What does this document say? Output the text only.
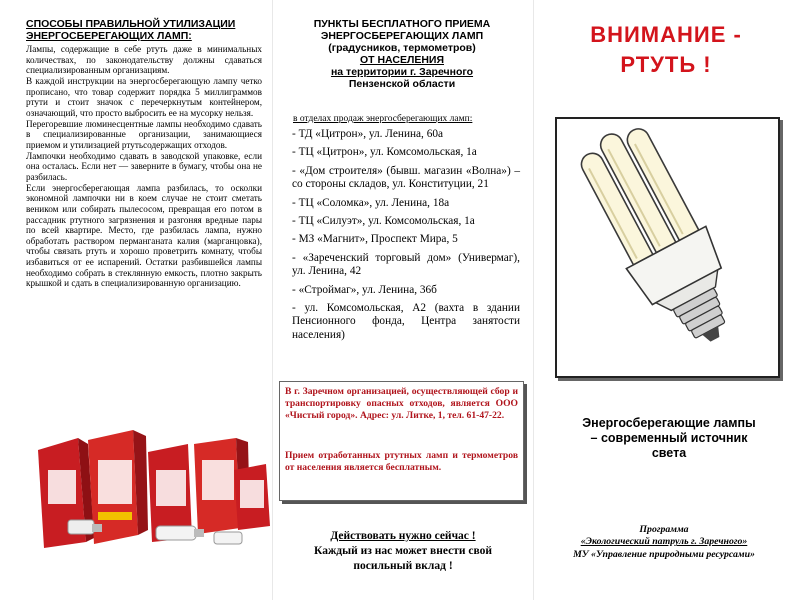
СПОСОБЫ ПРАВИЛЬНОЙ УТИЛИЗАЦИИ
ЭНЕРГОСБЕРЕГАЮЩИХ ЛАМП:

Лампы, содержащие в себе ртуть даже в минимальных количествах, по законодательству должны сдаваться специализированным организациям.

В каждой инструкции на энергосберегающую лампу четко прописано, что товар содержит порядка 5 миллиграммов ртути и стоит значок с перечеркнутым контейнером, означающий, что просто выбросить ее на мусорку нельзя.

Перегоревшие люминесцентные лампы необходимо сдавать в специализированные организации, занимающиеся приемом и утилизацией ртутьсодержащих отходов.

Лампочки необходимо сдавать в заводской упаковке, если она осталась. Если нет — заверните в бумагу, чтобы она не разбилась.

Если энергосберегающая лампа разбилась, то осколки экономной лампочки ни в коем случае не стоит сметать веником или собирать пылесосом, превращая его потом в рассадник ртутного загрязнения и разгоняя вредные пары по всей квартире. Место, где разбилась лампа, нужно обработать раствором перманганата калия (марганцовка), чтобы связать ртуть и хорошо проветрить комнату, чтобы избавиться от ее испарений. Остатки разбившейся лампы необходимо собрать в стеклянную емкость, плотно закрыть крышкой и сдать в специализированную организацию.

ПУНКТЫ БЕСПЛАТНОГО ПРИЕМА
ЭНЕРГОСБЕРЕГАЮЩИХ ЛАМП
(градусников, термометров)
ОТ НАСЕЛЕНИЯ
на территории г. Заречного
Пензенской области
в отделах продаж энергосберегающих ламп:
- ТД «Цитрон», ул. Ленина, 60а
- ТЦ «Цитрон», ул. Комсомольская, 1а
- «Дом строителя» (бывш. магазин «Волна») – со стороны складов, ул. Конституции, 21
- ТЦ «Соломка», ул. Ленина, 18а
- ТЦ «Силуэт», ул. Комсомольская, 1а
- МЗ «Магнит», Проспект Мира, 5
- «Зареченский торговый дом» (Универмаг), ул. Ленина, 42
- «Строймаг», ул. Ленина, 36б
- ул. Комсомольская, А2 (вахта в здании Пенсионного фонда, Центра занятости населения)
В г. Заречном организацией, осуществляющей сбор и транспортировку опасных отходов, является ООО «Чистый город». Адрес: ул. Литке, 1, тел. 61-47-22.
Прием отработанных ртутных ламп и термометров от населения является бесплатным.
Действовать нужно сейчас !
Каждый из нас может внести свой
посильный вклад !
ВНИМАНИЕ -
РТУТЬ !
Энергосберегающие лампы
– современный источник
света
Программа
«Экологический патруль г. Заречного»
МУ «Управление природными ресурсами»
